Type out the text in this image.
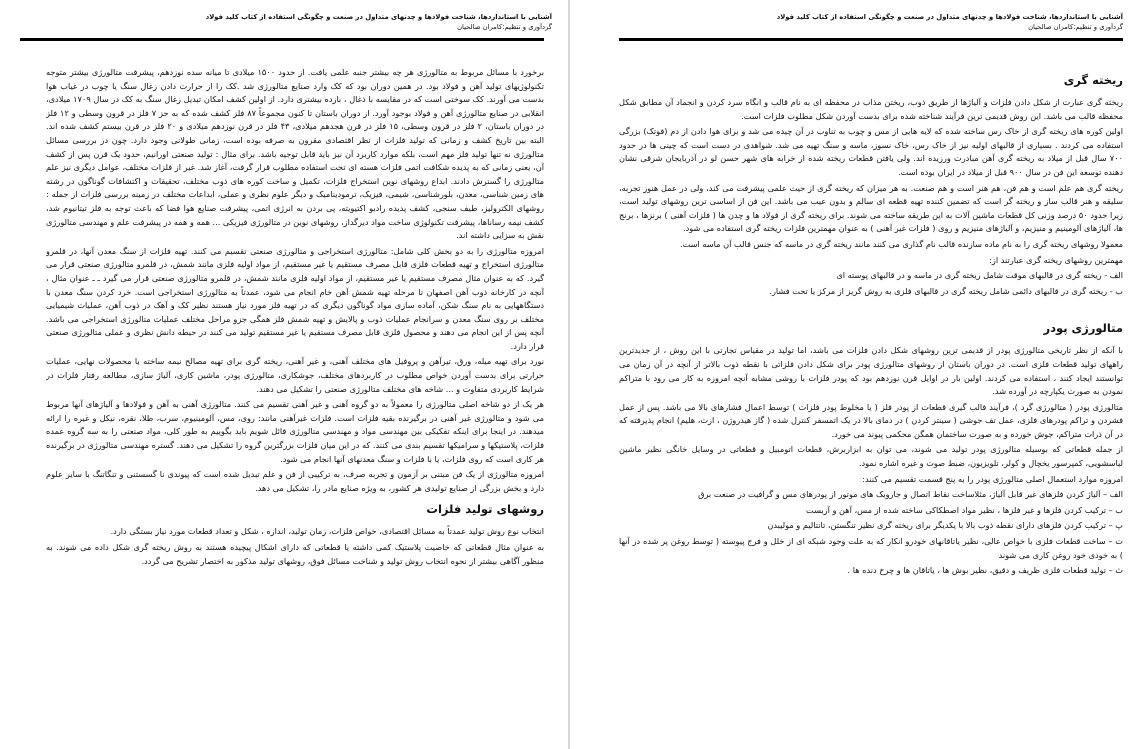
آشنایی با استانداردها، شناخت فولادها و چدنهای متداول در صنعت و چگونگی استفاده از کتاب کلید فولاد
گردآوری و تنظیم:کامران صالحیان

برخورد با مسائل مربوط به متالورژی هر چه بیشتر جنبه علمی یافت. از حدود ۱۵۰۰ میلادی تا میانه سده نوزدهم، پیشرفت متالورژی بیشتر متوجه تکنولوژیهای تولید آهن و فولاد بود. در همین دوران بود که کک وارد صنایع متالورژی شد .کک را از حرارت دادن زغال سنگ یا چوب در غیاب هوا بدست می آورند. کک سوختی است که در مقایسه با ذغال ، بازده بیشتری دارد. از اولین کشف امکان تبدیل زغال سنگ به کک در سال ۱۷۰۹ میلادی، انقلابی در صنایع متالورژی آهن و فولاد بوجود آورد. از دوران باستان تا کنون مجموعاً ۸۷ فلز کشف شده که به جز ۷ فلز در قرون وسطی و ۱۲ فلز در دوران باستان، ۲ فلز در قرون وسطی، ۱۵ فلز در قرن هجدهم میلادی، ۴۳ فلز در قرن نوزدهم میلادی و ۲۰ فلز در قرن بیستم کشف شده اند. البته بین تاریخ کشف و زمانی که تولید فلزات از نظر اقتصادی مقرون به صرفه بوده است، زمانی طولانی وجود دارد. چون در بررسی مسائل متالورژی نه تنها تولید فلز مهم است، بلکه موارد کاربرد آن نیز باید قابل توجیه باشد. برای مثال : تولید صنعتی اورانیم، حدود یک قرن پس از کشف آن، یعنی زمانی که به پدیده شکافت اتمی فلزات هسته ای تحت استفاده مطلوب قرار گرفت، آغاز شد. غیر از فلزات مختلف، عوامل دیگری نیز علم متالورژی را گسترش دادند. ابداع روشهای نوین استخراج فلزات، تکمیل و ساخت کوره های ذوب مختلف، تحقیقات و اکتشافات گوناگون در رشته های زمین شناسی، معدن، بلورشناسی، شیمی، فیزیک، ترمودینامیک و دیگر علوم نظری و عملی، ابداعات مختلف در زمینه بررسی فلزات از جمله : روشهای الکترولیز، طیف سنجی، کشف پدیده رادیو اکتیویته، پی بردن به انرژی اتمی، پیشرفت صنایع هوا فضا که باعث توجه به فلز تیتانیوم شد، کشف نیمه رساناها، پیشرفت تکنولوژی ساخت مواد دیرگداز، روشهای نوین در متالورژی فیزیکی ... همه و همه در پیشرفت علم و مهندسی متالورژی نقش به سزایی داشته اند.

امروزه متالورژی را به دو بخش کلی شامل: متالورژی استخراجی و متالورژی صنعتی تقسیم می کنند. تهیه فلزات از سنگ معدن آنها، در قلمرو متالورژی استخراج و تهیه قطعات فلزی قابل مصرف مستقیم یا غیر مستقیم، از مواد اولیه فلزی مانند شمش، در قلمرو متالورژی صنعتی قرار می گیرد. که به عنوان مثال مصرف مستقیم یا غیر مستقیم، از مواد اولیه فلزی مانند شمش، در قلمرو متالورژی صنعتی قرار می گیرد ـ ـ عنوان مثال ، آنچه در کارخانه ذوب آهن اصفهان تا مرحله تهیه شمش آهن خام انجام می شود، عمدتاً به متالورژی استخراجی است. خرد کردن سنگ معدن با دستگاههایی به نام سنگ شکن، آماده سازی مواد گوناگون دیگری که در تهیه فلز مورد نیاز هستند نظیر کک و آهک در ذوب آهن، عملیات شیمیایی مختلف بر روی سنگ معدن و سرانجام عملیات ذوب و پالایش و تهیه شمش فلز همگی جزو مراحل مختلف عملیات متالورژی استخراجی می باشد. آنچه پس از این انجام می دهند و محصول فلزی قابل مصرف مستقیم یا غیر مستقیم تولید می کنند در حیطه دانش نظری و عملی متالورژی صنعتی قرار دارد.

نورد برای تهیه میله، ورق، تیرآهن و پروفیل های مختلف آهنی، و غیر آهنی، ریخته گری برای تهیه مصالح نیمه ساخته یا محصولات نهایی، عملیات حرارتی برای بدست آوردن خواص مطلوب در کاربردهای مختلف، جوشکاری، متالورژی پودر، ماشین کاری، آلیاژ سازی، مطالعه رفتار فلزات در شرایط کاربردی متفاوت و ... شاخه های مختلف متالورژی صنعتی را تشکیل می دهند.

هر یک از دو شاخه اصلی متالورژی را معمولاً به دو گروه آهنی و غیر آهنی تقسیم می کنند. متالورژی آهنی به آهن و فولادها و آلیاژهای آنها مربوط می شود و متالورژی غیر آهنی در برگیرنده بقیه فلزات است. فلزات غیرآهنی مانند: روی، مس، آلومینیوم، سرب، طلا، نقره، نیکل و غیره را ارائه میدهند. در اینجا برای اینکه تفکیکی بین مهندسی مواد و مهندسی متالورژی قائل شویم باید بگوییم به طور کلی، مواد صنعتی را به سه گروه عمده فلزات، پلاستیکها و سرامیکها تقسیم بندی می کنند. که در این میان فلزات بزرگترین گروه را تشکیل می دهند. گستره مهندسی متالورژی در برگیرنده هر کاری است که روی فلزات، یا با فلزات و سنگ معدنهای آنها انجام می شود.

امروزه متالورژی از یک فن مبتنی بر آزمون و تجربه صرف، به ترکیبی از فن و علم تبدیل شده است که پیوندی نا گسستنی و تنگاتنگ با سایر علوم دارد و بخش بزرگی از صنایع تولیدی هر کشور، به ویژه صنایع مادر را، تشکیل می دهد.

روشهای تولید فلزات

انتخاب نوع روش تولید عمدتاً به مسائل اقتصادی، خواص فلزات، زمان تولید، اندازه ، شکل و تعداد قطعات مورد نیاز بستگی دارد.

به عنوان مثال قطعاتی که خاصیت پلاستیک کمی داشته یا قطعاتی که دارای اشکال پیچیده هستند به روش ریخته گری شکل داده می شوند. به منظور آگاهی بیشتر از نحوه انتخاب روش تولید و شناخت مسائل فوق، روشهای تولید مذکور به اختصار تشریح می گردد.

آشنایی با استانداردها، شناخت فولادها و چدنهای متداول در صنعت و چگونگی استفاده از کتاب کلید فولاد
گردآوری و تنظیم:کامران صالحیان
ریخته گری

ریخته گری عبارت از شکل دادن فلزات و آلیاژها از طریق ذوب، ریختن مذاب در محفظه ای به نام قالب و انگاه سرد کردن و انجماد آن مطابق شکل محفظه قالب می باشد. این روش قدیمی ترین فرآیند شناخته شده برای بدست آوردن شکل مطلوب فلزات است.

اولین کوره های ریخته گری از خاک رس ساخته شده که لایه هایی از مس و چوب به تناوب در آن چیده می شد و برای هوا دادن از دم (فوتک) بزرگی استفاده می کردند . بسیاری از قالبهای اولیه نیز از خاک رس، خاک نسوز، ماسه و سنگ تهیه می شد. شواهدی در دست است که چینی ها در حدود ۷۰۰ سال قبل از میلاد به ریخته گری آهن مبادرت ورزیده اند. ولی یافتن قطعات ریخته شده از خرابه های شهر حسن لو در آذربایجان شرقی نشان دهنده توسعه این فن در سال ۹۰۰ قبل از میلاد در ایران بوده است.

ریخته گری هم علم است و هم فن، هم هنر است و هم صنعت. به هر میزان که ریخته گری از حیث علمی پیشرفت می کند، ولی در عمل هنوز تجربه، سلیقه و هنر قالب ساز و ریخته گر است که تضمین کننده تهیه قطعه ای سالم و بدون عیب می باشد. این فن از اساسی ترین روشهای تولید است، زیرا حدود ۵۰ درصد وزنی کل قطعات ماشین آلات به این طریقه ساخته می شوند. برای ریخته گری از فولاد ها و چدن ها ( فلزات آهنی ) برنزها ، برنج ها، آلیاژهای آلومینیم و منیزیم، و آلیاژهای منیزیم و روی ( فلزات غیر آهنی ) به عنوان مهمترین فلزات ریخته گری استفاده می شود.

معمولا روشهای ریخته گری را به نام ماده سازنده قالب نام گذاری می کنند مانند ریخته گری در ماسه که جنس قالب آن ماسه است.

مهمترین روشهای ریخته گری عبارتند از:

الف - ریخته گری در قالبهای موقت شامل ریخته گری در ماسه و در قالبهای پوسته ای
ب - ریخته گری در قالبهای دائمی شامل ریخته گری در قالبهای فلزی به روش گریز از مرکز یا تحت فشار.
متالورژی پودر

با آنکه از نظر تاریخی متالورژی پودر از قدیمی ترین روشهای شکل دادن فلزات می باشد، اما تولید در مقیاس تجارتی با این روش ، از جدیدترین راههای تولید قطعات فلزی است. در دوران باستان از روشهای متالورژی پودر برای شکل دادن فلزاتی با نقطه ذوب بالاتر از آنچه در آن زمان می توانستند ایجاد کنند ، استفاده می کردند. اولین بار در اوایل قرن نوزدهم بود که پودر فلزات با روشی مشابه آنچه امروزه به کار می رود با متراکم نمودن به صورت یکپارچه در آورده شد.

متالورژی پودر ( متالورژی گرد )، فرآیند قالب گیری قطعات از پودر فلز ( یا مخلوط پودر فلزات ) توسط اعمال فشارهای بالا می باشد. پس از عمل فشردن و تراکم پودرهای فلزی، عمل تف جوشی ( سینتر کردن ) در دمای بالا در یک اتمسفر کنترل شده ( گاز هیدروژن ، ازت، هلیم) انجام پذیرفته که در آن ذرات متراکم، جوش خورده و به صورت ساختمان همگن محکمی پیوند می خورد.

از جمله قطعاتی که بوسیله متالورژی پودر تولید می شوند، می توان به ابزاربرش، قطعات اتومبیل و قطعاتی در وسایل خانگی نظیر ماشین لباسشویی، کمپرسور یخچال و کولر، تلویزیون، ضبط صوت و غیره اشاره نمود.

امروزه موارد استعمال اصلی متالورژی پودر را به پنج قسمت تقسیم می کنند:

الف – آلیاژ کردن فلزهای غیر قابل آلیاژ، مثلاساخت نقاط اتصال و جاروبک های موتور از پودرهای مس و گرافیت در صنعت برق
ب – ترکیب کردن فلزها و غیر فلزها ، نظیر مواد اصطکاکی ساخته شده از مس، آهن و آزبست
پ – ترکیب کردن فلزهای دارای نقطه ذوب بالا با یکدیگر برای ریخته گری نظیر تنگستن، تانتالیم و مولیبدن
ت – ساخت قطعات فلزی با خواص عالی، نظیر یاتاقانهای خودرو انکار که به علت وجود شبکه ای از خلل و فرج پیوسته ( توسط روغن پر شده در آنها ) به خودی خود روغن کاری می شوند
ث – تولید قطعات فلزی ظریف و دقیق، نظیر بوش ها ، یاتاقان ها و چرخ دنده ها .
